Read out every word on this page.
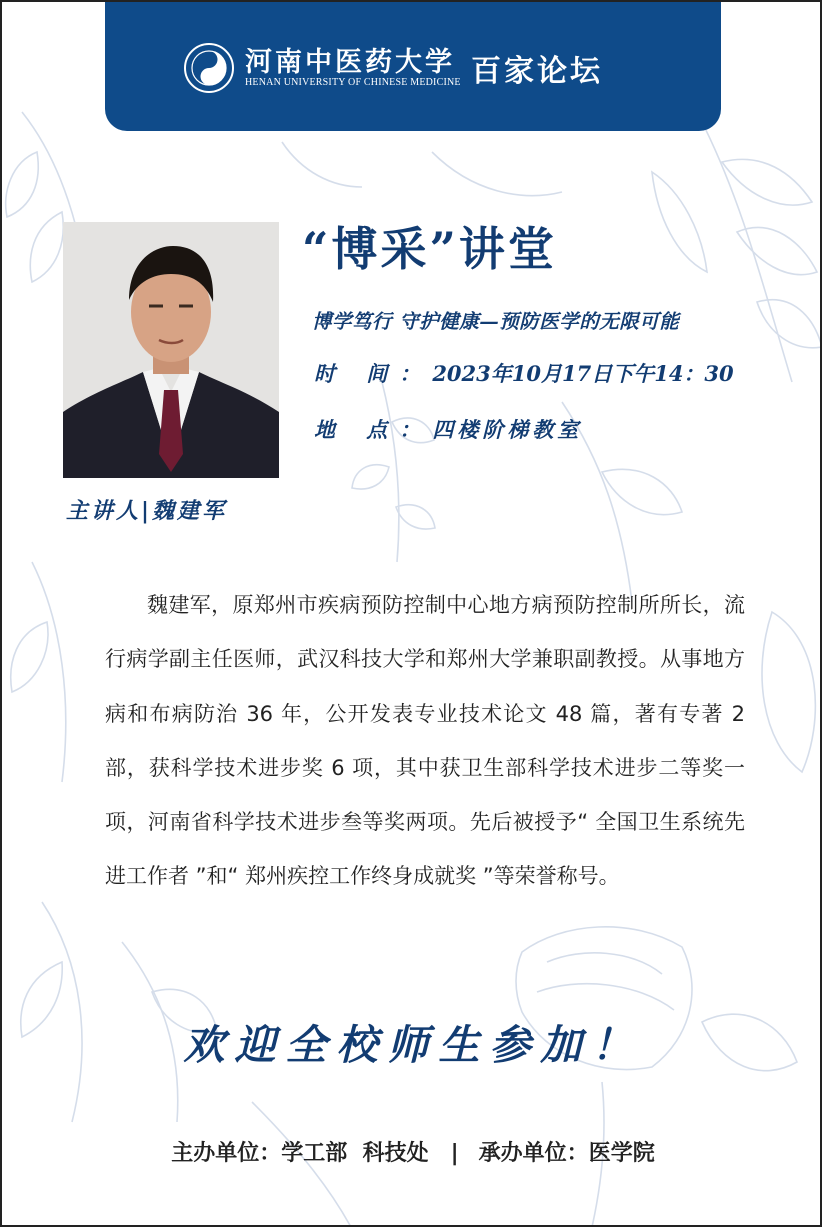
河南中医药大学
HENAN UNIVERSITY OF CHINESE MEDICINE 百家论坛
主讲人|魏建军
“博采”讲堂
博学笃行 守护健康—预防医学的无限可能
时 间：2023年10月17日下午14：30
地 点：四楼阶梯教室

魏建军，原郑州市疾病预防控制中心地方病预防控制所所长，流行病学副主任医师，武汉科技大学和郑州大学兼职副教授。从事地方病和布病防治 36 年，公开发表专业技术论文 48 篇，著有专著 2 部，获科学技术进步奖 6 项，其中获卫生部科学技术进步二等奖一项，河南省科学技术进步叁等奖两项。先后被授予“ 全国卫生系统先进工作者 ”和“ 郑州疾控工作终身成就奖 ”等荣誉称号。

欢迎全校师生参加！
主办单位：学工部  科技处 | 承办单位：医学院
